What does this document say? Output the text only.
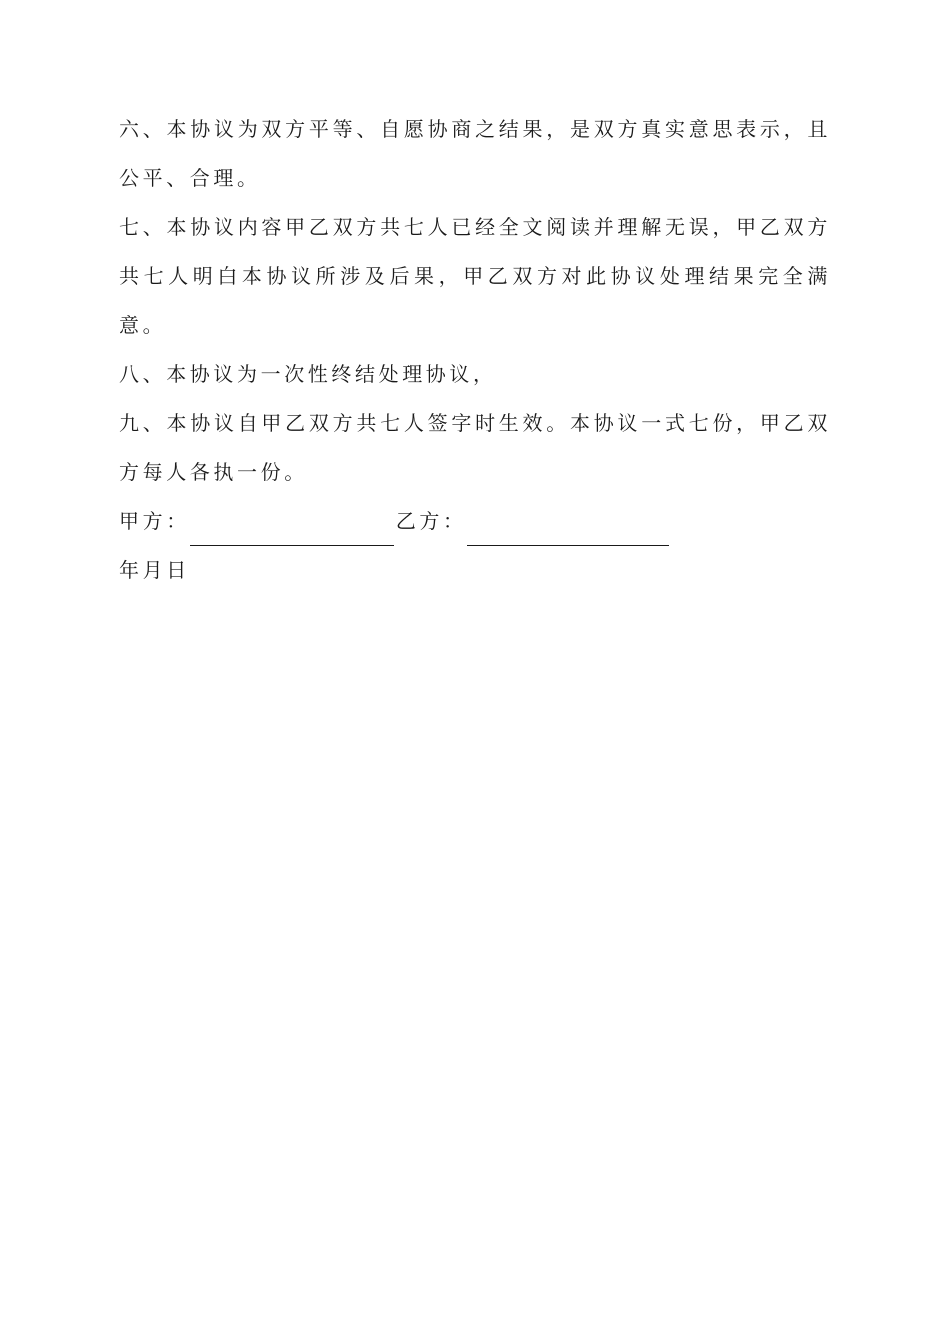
六、本协议为双方平等、自愿协商之结果，是双方真实意思表示，且公平、合理。

七、本协议内容甲乙双方共七人已经全文阅读并理解无误，甲乙双方共七人明白本协议所涉及后果，甲乙双方对此协议处理结果完全满意。

八、本协议为一次性终结处理协议，

九、本协议自甲乙双方共七人签字时生效。本协议一式七份，甲乙双方每人各执一份。

甲方：	乙方：

年月日
